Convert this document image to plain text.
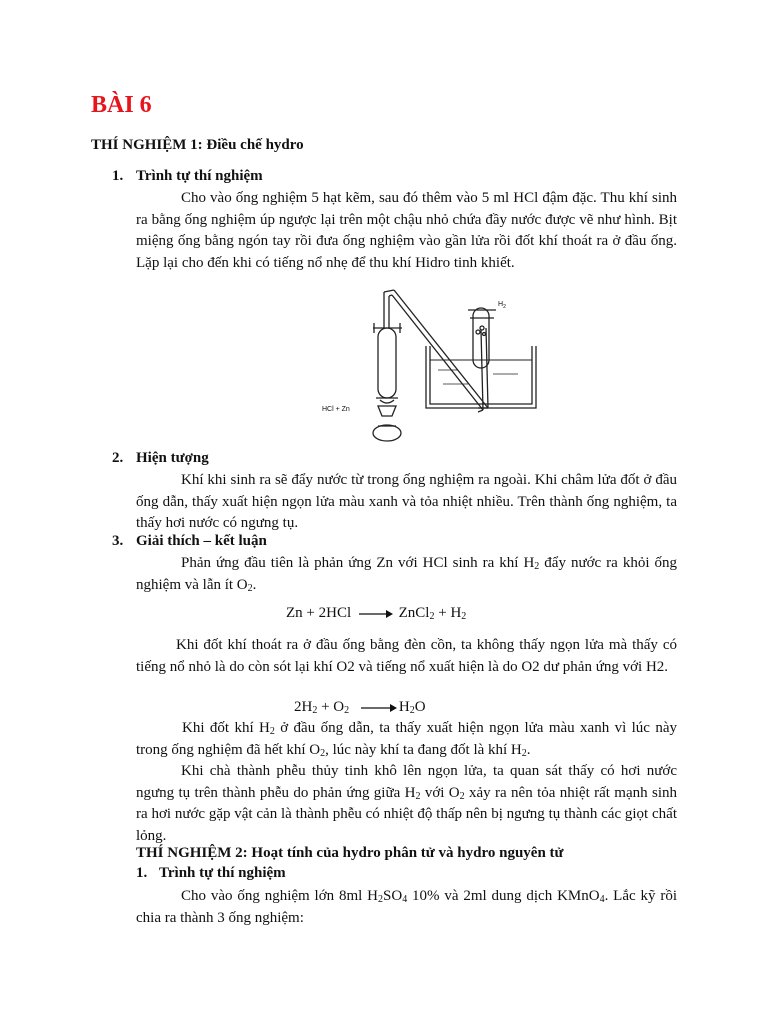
BÀI 6
THÍ NGHIỆM 1: Điều chế hydro
1. Trình tự thí nghiệm
Cho vào ống nghiệm 5 hạt kẽm, sau đó thêm vào 5 ml HCl đậm đặc. Thu khí sinh ra bằng ống nghiệm úp ngược lại trên một chậu nhỏ chứa đầy nước được vẽ như hình. Bịt miệng ống bằng ngón tay rồi đưa ống nghiệm vào gần lửa rồi đốt khí thoát ra ở đầu ống. Lặp lại cho đến khi có tiếng nổ nhẹ để thu khí Hidro tinh khiết.
$H_2$
HCl + Zn
2. Hiện tượng
Khí khi sinh ra sẽ đẩy nước từ trong ống nghiệm ra ngoài. Khi châm lửa đốt ở đầu ống dẫn, thấy xuất hiện ngọn lửa màu xanh và tỏa nhiệt nhiều. Trên thành ống nghiệm, ta thấy hơi nước có ngưng tụ.
3. Giải thích – kết luận
Phản ứng đầu tiên là phản ứng Zn với HCl sinh ra khí $H_2$ đẩy nước ra khỏi ống nghiệm và lẫn ít $O_2$.
Zn + 2HCl → ZnCl$_2$ + $H_2$
Khi đốt khí thoát ra ở đầu ống bằng đèn cồn, ta không thấy ngọn lửa mà thấy có tiếng nổ nhỏ là do còn sót lại khí O2 và tiếng nổ xuất hiện là do O2 dư phản ứng với H2.
$2H_2 + O_2 \to H_2O$
Khi đốt khí $H_2$ ở đầu ống dẫn, ta thấy xuất hiện ngọn lửa màu xanh vì lúc này trong ống nghiệm đã hết khí $O_2$, lúc này khí ta đang đốt là khí $H_2$.
Khi chà thành phễu thủy tinh khô lên ngọn lửa, ta quan sát thấy có hơi nước ngưng tụ trên thành phễu do phản ứng giữa $H_2$ với $O_2$ xảy ra nên tỏa nhiệt rất mạnh sinh ra hơi nước gặp vật cản là thành phễu có nhiệt độ thấp nên bị ngưng tụ thành các giọt chất lỏng.
THÍ NGHIỆM 2: Hoạt tính của hydro phân tử và hydro nguyên tử
1. Trình tự thí nghiệm
Cho vào ống nghiệm lớn 8ml $H_2SO_4$ 10% và 2ml dung dịch KMnO$_4$. Lắc kỹ rồi chia ra thành 3 ống nghiệm:
